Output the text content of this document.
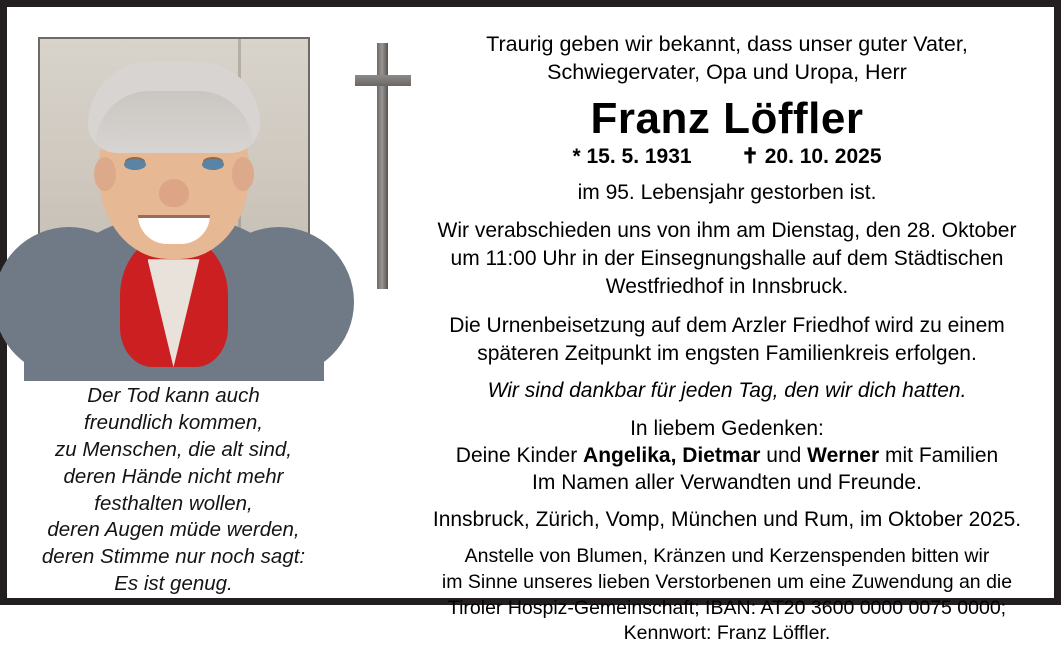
Der Tod kann auch
freundlich kommen,
zu Menschen, die alt sind,
deren Hände nicht mehr
festhalten wollen,
deren Augen müde werden,
deren Stimme nur noch sagt:
Es ist genug.
Traurig geben wir bekannt, dass unser guter Vater,
Schwiegervater, Opa und Uropa, Herr
Franz Löffler
* 15. 5. 1931 ✝ 20. 10. 2025
im 95. Lebensjahr gestorben ist.
Wir verabschieden uns von ihm am Dienstag, den 28. Oktober
um 11:00 Uhr in der Einsegnungshalle auf dem Städtischen
Westfriedhof in Innsbruck.
Die Urnenbeisetzung auf dem Arzler Friedhof wird zu einem
späteren Zeitpunkt im engsten Familienkreis erfolgen.
Wir sind dankbar für jeden Tag, den wir dich hatten.
In liebem Gedenken:
Deine Kinder Angelika, Dietmar und Werner mit Familien
Im Namen aller Verwandten und Freunde.
Innsbruck, Zürich, Vomp, München und Rum, im Oktober 2025.
Anstelle von Blumen, Kränzen und Kerzenspenden bitten wir
im Sinne unseres lieben Verstorbenen um eine Zuwendung an die
Tiroler Hospiz-Gemeinschaft; IBAN: AT20 3600 0000 0075 0000;
Kennwort: Franz Löffler.
